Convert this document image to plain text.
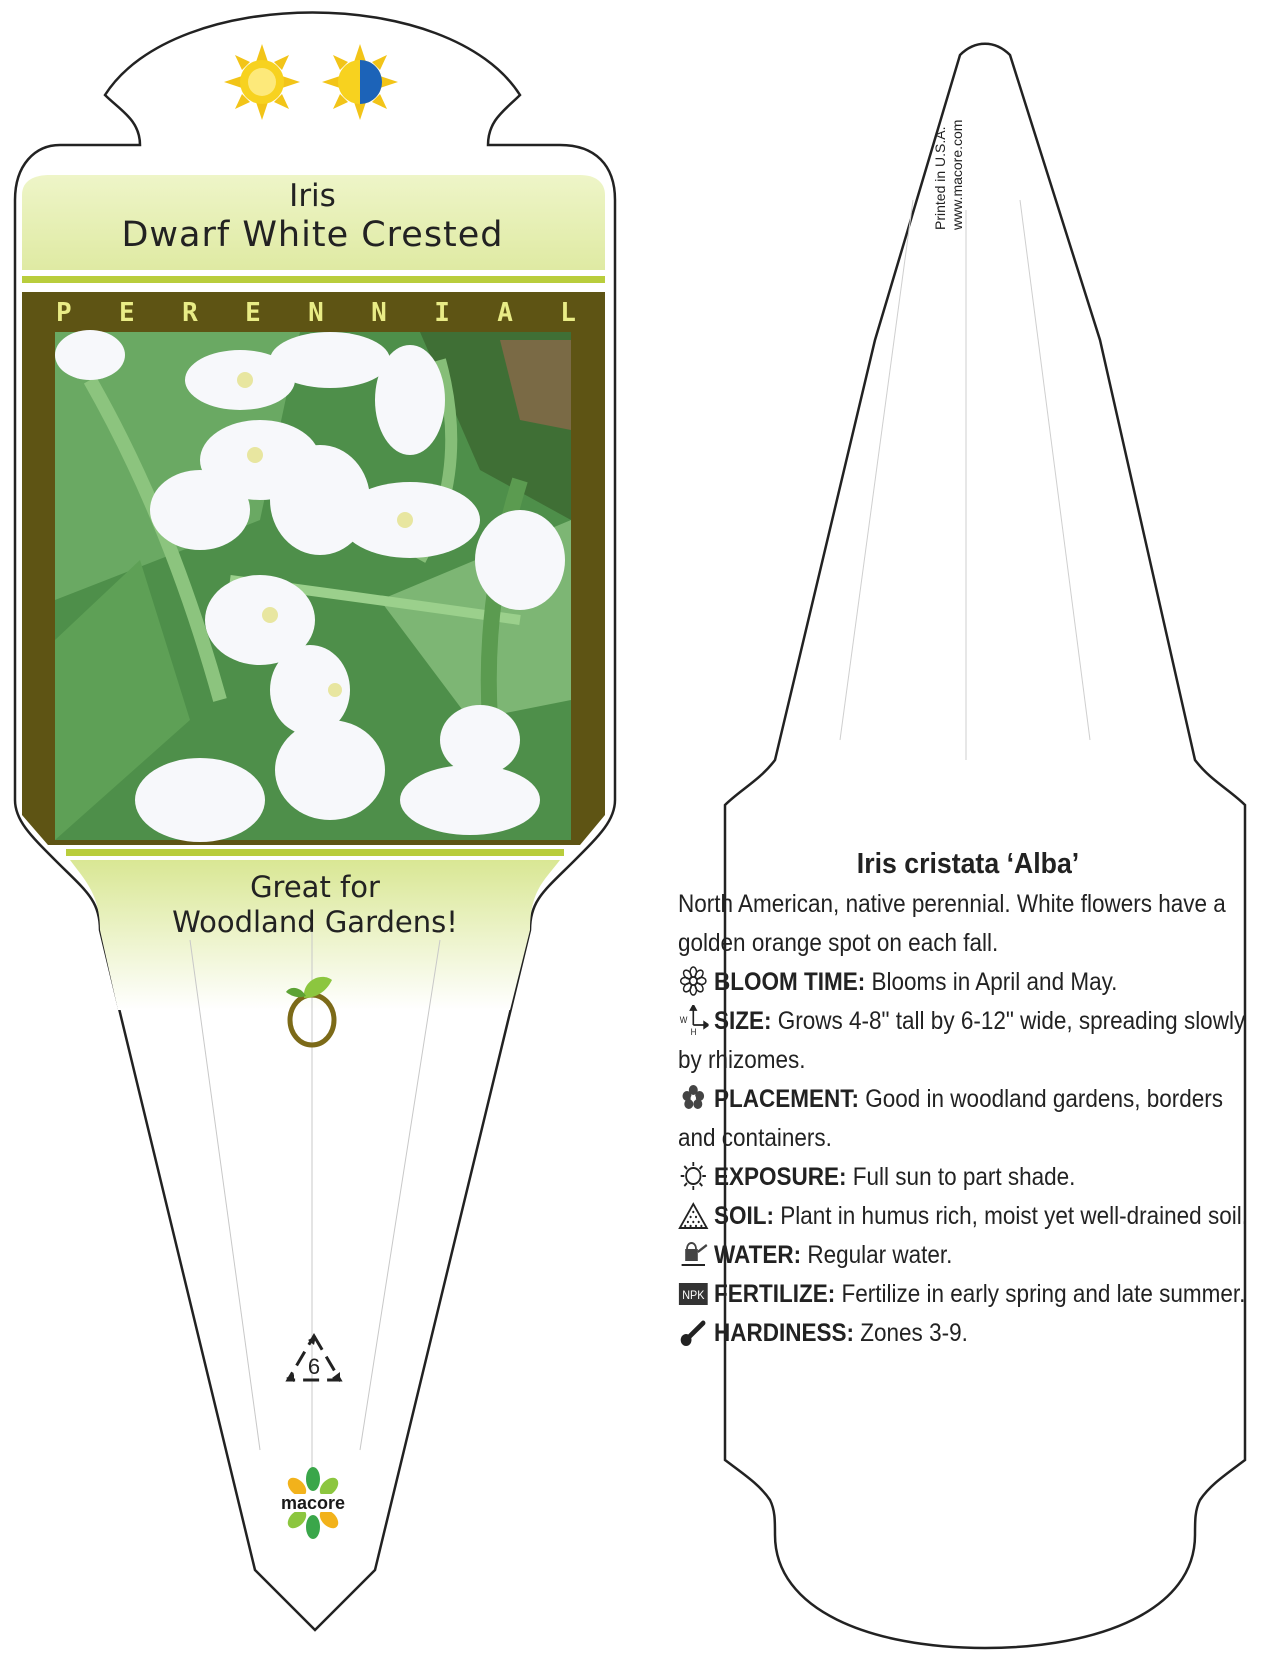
Iris
Dwarf White Crested
P E R E N N I A L
Great for
Woodland Gardens!
6
macore
Printed in U.S.A. www.macore.com
Iris cristata ‘Alba’

North American, native perennial. White flowers have a golden orange spot on each fall.

BLOOM TIME: Blooms in April and May.
W
H SIZE: Grows 4-8" tall by 6-12" wide, spreading slowly by rhizomes.
PLACEMENT: Good in woodland gardens, borders and containers.
EXPOSURE: Full sun to part shade.
SOIL: Plant in humus rich, moist yet well-drained soil.
WATER: Regular water.
NPK FERTILIZE: Fertilize in early spring and late summer.
HARDINESS: Zones 3-9.
